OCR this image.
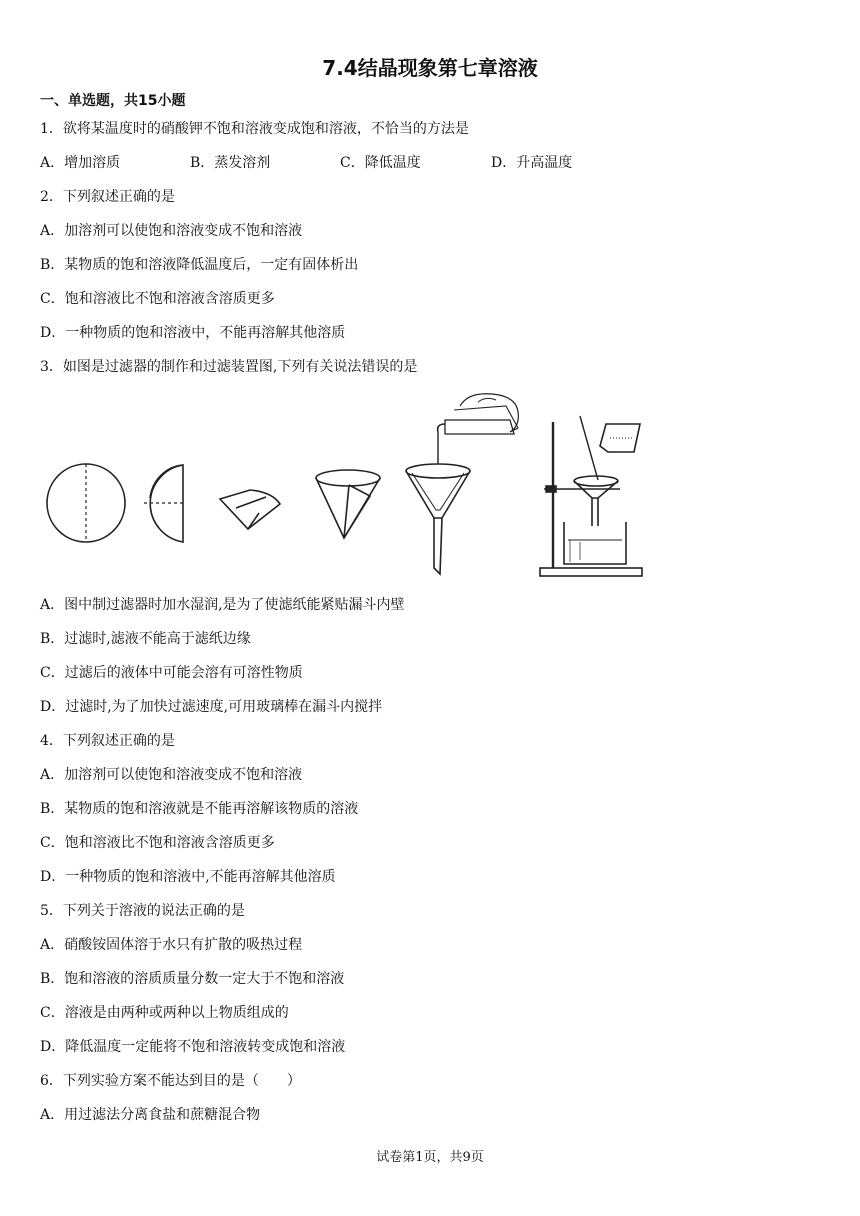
7.4结晶现象第七章溶液
一、单选题，共15小题
1．欲将某温度时的硝酸钾不饱和溶液变成饱和溶液，不恰当的方法是
A．增加溶质	B．蒸发溶剂	C．降低温度	D．升高温度
2．下列叙述正确的是
A．加溶剂可以使饱和溶液变成不饱和溶液
B．某物质的饱和溶液降低温度后，一定有固体析出
C．饱和溶液比不饱和溶液含溶质更多
D．一种物质的饱和溶液中，不能再溶解其他溶质
3．如图是过滤器的制作和过滤装置图,下列有关说法错误的是
A．图中制过滤器时加水湿润,是为了使滤纸能紧贴漏斗内壁
B．过滤时,滤液不能高于滤纸边缘
C．过滤后的液体中可能会溶有可溶性物质
D．过滤时,为了加快过滤速度,可用玻璃棒在漏斗内搅拌
4．下列叙述正确的是
A．加溶剂可以使饱和溶液变成不饱和溶液
B．某物质的饱和溶液就是不能再溶解该物质的溶液
C．饱和溶液比不饱和溶液含溶质更多
D．一种物质的饱和溶液中,不能再溶解其他溶质
5．下列关于溶液的说法正确的是
A．硝酸铵固体溶于水只有扩散的吸热过程
B．饱和溶液的溶质质量分数一定大于不饱和溶液
C．溶液是由两种或两种以上物质组成的
D．降低温度一定能将不饱和溶液转变成饱和溶液
6．下列实验方案不能达到目的是（　　）
A．用过滤法分离食盐和蔗糖混合物
试卷第1页，共9页
